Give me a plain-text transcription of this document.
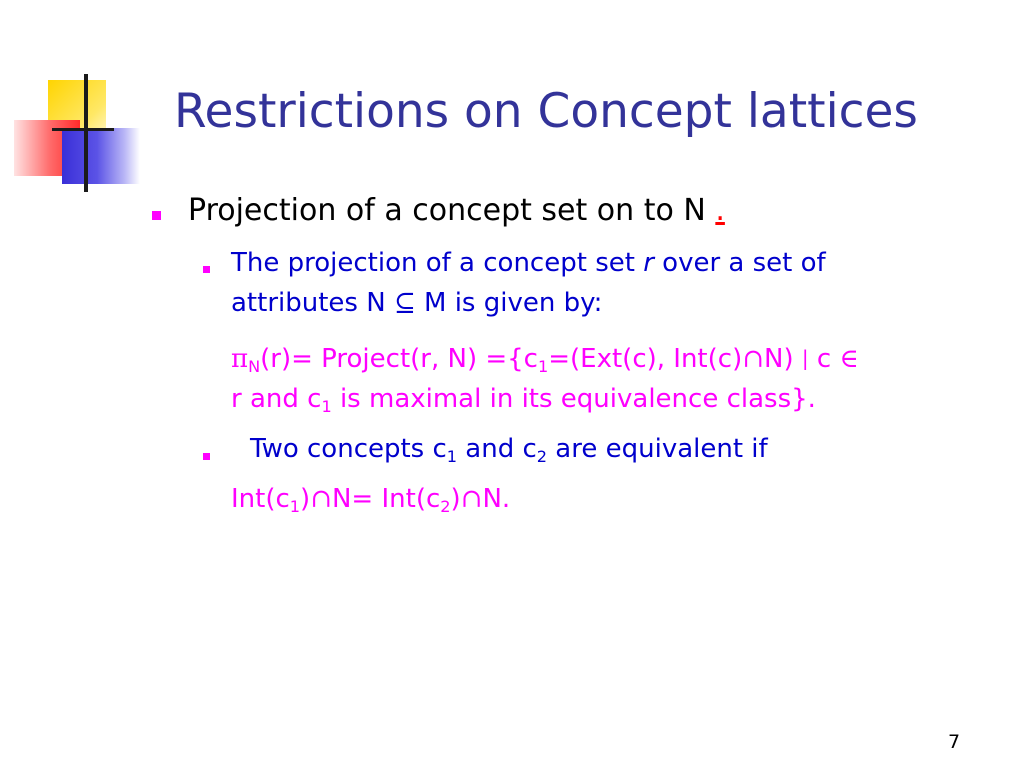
Restrictions on Concept lattices
Projection of a concept set on to N .
The projection of a concept set r over a set of
attributes N ⊆ M is given by:
$\pi_N(r)=$ Project(r, $N) =\{c_1=(Ext(c)$, Int(c)∩N) | c ∈
r and $c_1$ is maximal in its equivalence class}.
Two concepts $c_1$ and $c_2$ are equivalent if
$Int(c_1)\cap N=$ $Int(c_2)\cap N$.
7
